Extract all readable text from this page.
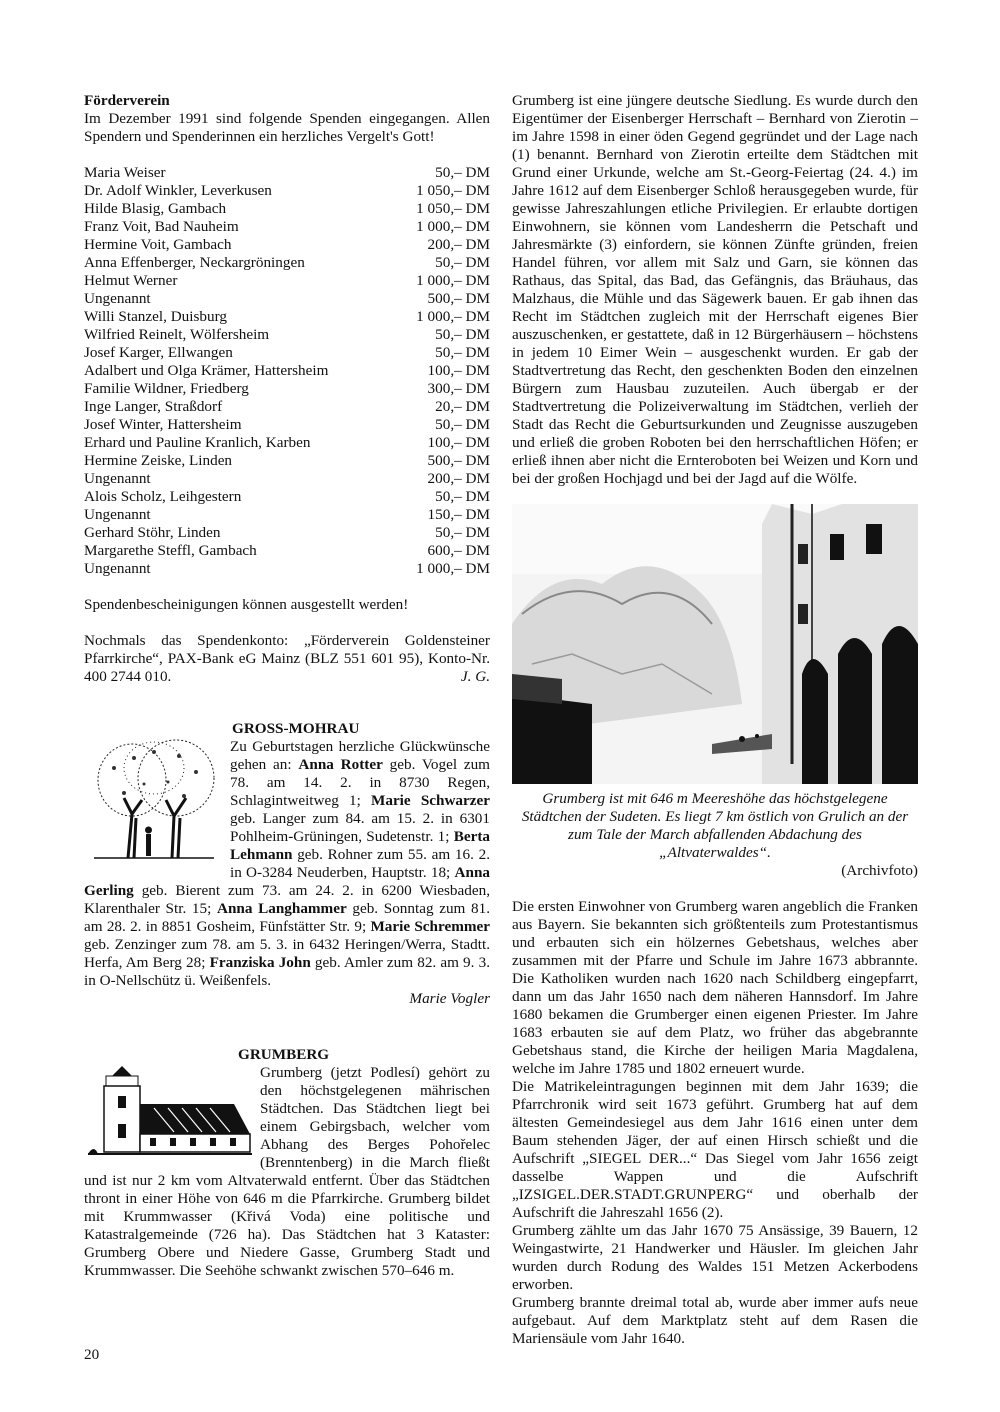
Förderverein

Im Dezember 1991 sind folgende Spenden eingegangen. Allen Spendern und Spenderinnen ein herzliches Vergelt's Gott!

Maria Weiser	50,– DM
Dr. Adolf Winkler, Leverkusen	1 050,– DM
Hilde Blasig, Gambach	1 050,– DM
Franz Voit, Bad Nauheim	1 000,– DM
Hermine Voit, Gambach	200,– DM
Anna Effenberger, Neckargröningen	50,– DM
Helmut Werner	1 000,– DM
Ungenannt	500,– DM
Willi Stanzel, Duisburg	1 000,– DM
Wilfried Reinelt, Wölfersheim	50,– DM
Josef Karger, Ellwangen	50,– DM
Adalbert und Olga Krämer, Hattersheim	100,– DM
Familie Wildner, Friedberg	300,– DM
Inge Langer, Straßdorf	20,– DM
Josef Winter, Hattersheim	50,– DM
Erhard und Pauline Kranlich, Karben	100,– DM
Hermine Zeiske, Linden	500,– DM
Ungenannt	200,– DM
Alois Scholz, Leihgestern	50,– DM
Ungenannt	150,– DM
Gerhard Stöhr, Linden	50,– DM
Margarethe Steffl, Gambach	600,– DM
Ungenannt	1 000,– DM

Spendenbescheinigungen können ausgestellt werden!

Nochmals das Spendenkonto: „Förderverein Goldensteiner Pfarrkirche“, PAX-Bank eG Mainz (BLZ 551 601 95), Konto-Nr. 400 2744 010.	J. G.

GROSS-MOHRAU
Zu Geburtstagen herzliche Glückwünsche gehen an: Anna Rotter geb. Vogel zum 78. am 14. 2. in 8730 Regen, Schlagintweitweg 1; Marie Schwarzer geb. Langer zum 84. am 15. 2. in 6301 Pohlheim-Grüningen, Sudetenstr. 1; Berta Lehmann geb. Rohner zum 55. am 16. 2. in O-3284 Neuderben, Hauptstr. 18; Anna Gerling geb. Bierent zum 73. am 24. 2. in 6200 Wiesbaden, Klarenthaler Str. 15; Anna Langhammer geb. Sonntag zum 81. am 28. 2. in 8851 Gosheim, Fünfstätter Str. 9; Marie Schremmer geb. Zenzinger zum 78. am 5. 3. in 6432 Heringen/Werra, Stadtt. Herfa, Am Berg 28; Franziska John geb. Amler zum 82. am 9. 3. in O-Nellschütz ü. Weißenfels.
Marie Vogler
GRUMBERG

Grumberg (jetzt Podlesí) gehört zu den höchstgelegenen mährischen Städtchen. Das Städtchen liegt bei einem Gebirgsbach, welcher vom Abhang des Berges Pohořelec (Brenntenberg) in die March fließt und ist nur 2 km vom Altvaterwald entfernt. Über das Städtchen thront in einer Höhe von 646 m die Pfarrkirche. Grumberg bildet mit Krummwasser (Křivá Voda) eine politische und Katastralgemeinde (726 ha). Das Städtchen hat 3 Kataster: Grumberg Obere und Niedere Gasse, Grumberg Stadt und Krummwasser. Die Seehöhe schwankt zwischen 570–646 m.

Grumberg ist eine jüngere deutsche Siedlung. Es wurde durch den Eigentümer der Eisenberger Herrschaft – Bernhard von Zierotin – im Jahre 1598 in einer öden Gegend gegründet und der Lage nach (1) benannt. Bernhard von Zierotin erteilte dem Städtchen mit Grund einer Urkunde, welche am St.-Georg-Feiertag (24. 4.) im Jahre 1612 auf dem Eisenberger Schloß herausgegeben wurde, für gewisse Jahreszahlungen etliche Privilegien. Er erlaubte dortigen Einwohnern, sie können vom Landesherrn die Petschaft und Jahresmärkte (3) einfordern, sie können Zünfte gründen, freien Handel führen, vor allem mit Salz und Garn, sie können das Rathaus, das Spital, das Bad, das Gefängnis, das Bräuhaus, das Malzhaus, die Mühle und das Sägewerk bauen. Er gab ihnen das Recht im Städtchen zugleich mit der Herrschaft eigenes Bier auszuschenken, er gestattete, daß in 12 Bürgerhäusern – höchstens in jedem 10 Eimer Wein – ausgeschenkt wurden. Er gab der Stadtvertretung das Recht, den geschenkten Boden den einzelnen Bürgern zum Hausbau zuzuteilen. Auch übergab er der Stadtvertretung die Polizeiverwaltung im Städtchen, verlieh der Stadt das Recht die Geburtsurkunden und Zeugnisse auszugeben und erließ die groben Roboten bei den herrschaftlichen Höfen; er erließ ihnen aber nicht die Ernteroboten bei Weizen und Korn und bei der großen Hochjagd und bei der Jagd auf die Wölfe.

Grumberg ist mit 646 m Meereshöhe das höchstgelegene Städtchen der Sudeten. Es liegt 7 km östlich von Grulich an der zum Tale der March abfallenden Abdachung des „Altvaterwaldes“.

(Archivfoto)

Die ersten Einwohner von Grumberg waren angeblich die Franken aus Bayern. Sie bekannten sich größtenteils zum Protestantismus und erbauten sich ein hölzernes Gebetshaus, welches aber zusammen mit der Pfarre und Schule im Jahre 1673 abbrannte. Die Katholiken wurden nach 1620 nach Schildberg eingepfarrt, dann um das Jahr 1650 nach dem näheren Hannsdorf. Im Jahre 1680 bekamen die Grumberger einen eigenen Priester. Im Jahre 1683 erbauten sie auf dem Platz, wo früher das abgebrannte Gebetshaus stand, die Kirche der heiligen Maria Magdalena, welche im Jahre 1785 und 1802 erneuert wurde.

Die Matrikeleintragungen beginnen mit dem Jahr 1639; die Pfarrchronik wird seit 1673 geführt. Grumberg hat auf dem ältesten Gemeindesiegel aus dem Jahr 1616 einen unter dem Baum stehenden Jäger, der auf einen Hirsch schießt und die Aufschrift „SIEGEL DER...“ Das Siegel vom Jahr 1656 zeigt dasselbe Wappen und die Aufschrift „IZSIGEL.DER.STADT.GRUNPERG“ und oberhalb der Aufschrift die Jahreszahl 1656 (2).

Grumberg zählte um das Jahr 1670 75 Ansässige, 39 Bauern, 12 Weingastwirte, 21 Handwerker und Häusler. Im gleichen Jahr wurden durch Rodung des Waldes 151 Metzen Ackerbodens erworben.

Grumberg brannte dreimal total ab, wurde aber immer aufs neue aufgebaut. Auf dem Marktplatz steht auf dem Rasen die Mariensäule vom Jahr 1640.

20
